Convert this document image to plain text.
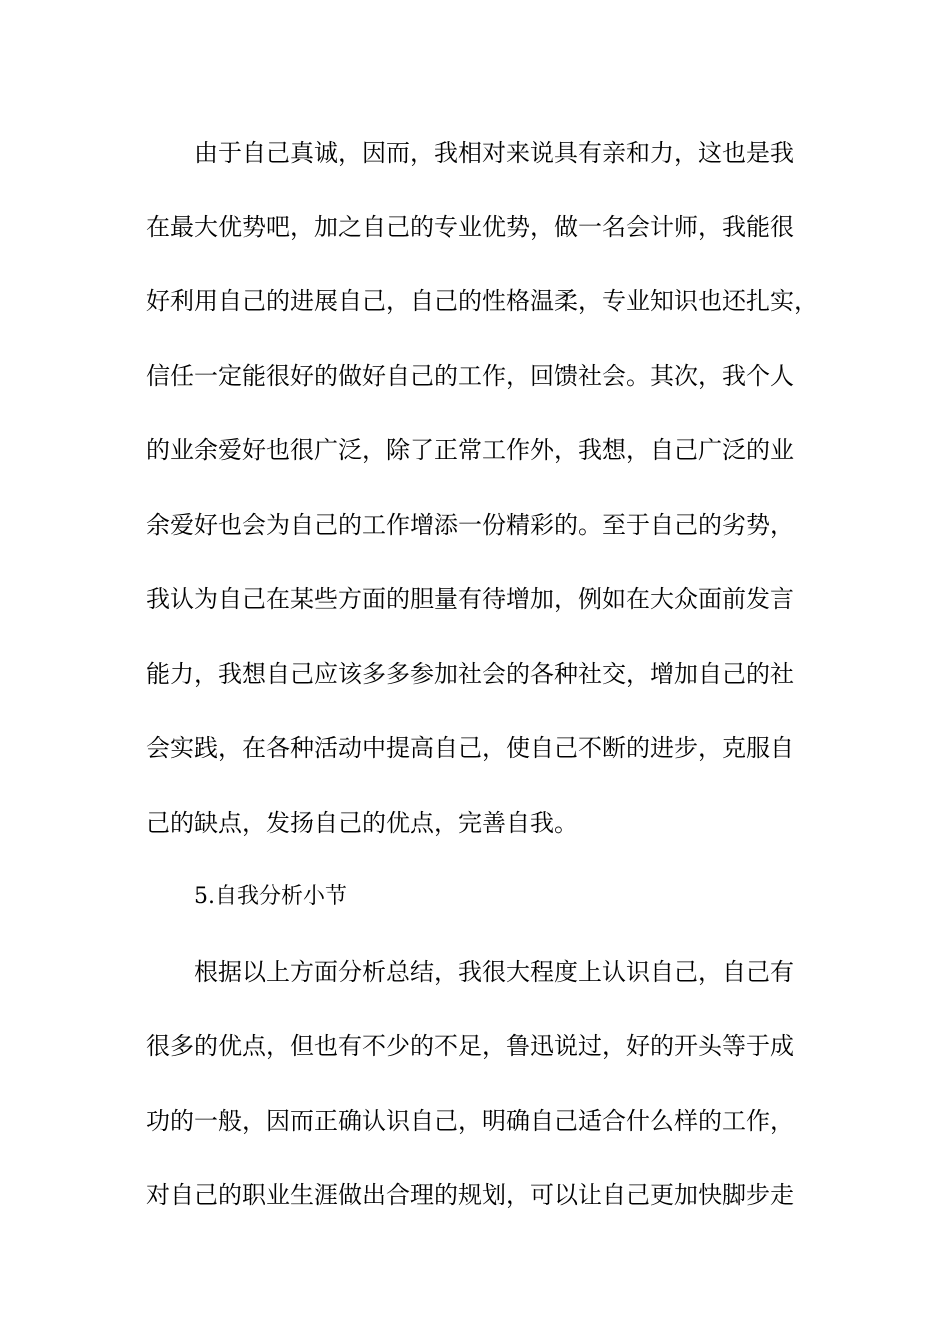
由于自己真诚，因而，我相对来说具有亲和力，这也是我
在最大优势吧，加之自己的专业优势，做一名会计师，我能很
好利用自己的进展自己，自己的性格温柔，专业知识也还扎实，
信任一定能很好的做好自己的工作，回馈社会。其次，我个人
的业余爱好也很广泛，除了正常工作外，我想，自己广泛的业
余爱好也会为自己的工作增添一份精彩的。至于自己的劣势，
我认为自己在某些方面的胆量有待增加，例如在大众面前发言
能力，我想自己应该多多参加社会的各种社交，增加自己的社
会实践，在各种活动中提高自己，使自己不断的进步，克服自
己的缺点，发扬自己的优点，完善自我。
5.自我分析小节
根据以上方面分析总结，我很大程度上认识自己，自己有
很多的优点，但也有不少的不足，鲁迅说过，好的开头等于成
功的一般，因而正确认识自己，明确自己适合什么样的工作，
对自己的职业生涯做出合理的规划，可以让自己更加快脚步走
